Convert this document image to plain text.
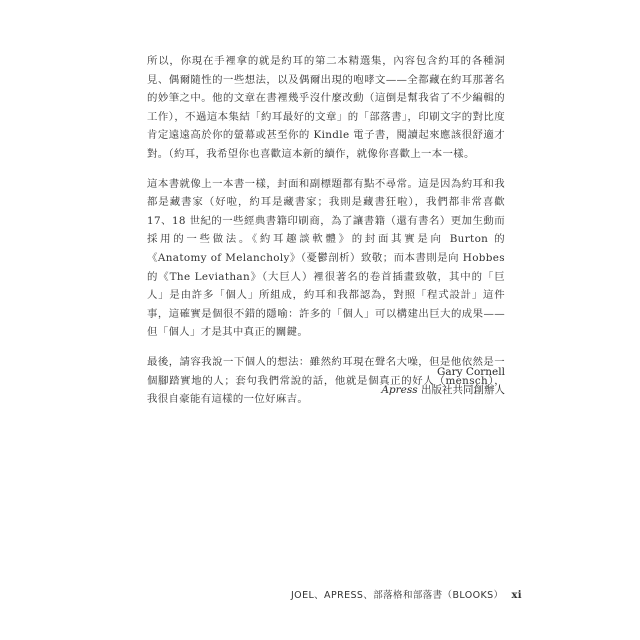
所以，你現在手裡拿的就是約耳的第二本精選集，內容包含約耳的各種洞見、偶爾隨性的一些想法，以及偶爾出現的咆哮文——全都藏在約耳那著名的妙筆之中。他的文章在書裡幾乎沒什麼改動（這倒是幫我省了不少編輯的工作），不過這本集結「約耳最好的文章」的「部落書」，印刷文字的對比度肯定遠遠高於你的螢幕或甚至你的 Kindle 電子書，閱讀起來應該很舒適才對。（約耳，我希望你也喜歡這本新的續作，就像你喜歡上一本一樣。

這本書就像上一本書一樣，封面和副標題都有點不尋常。這是因為約耳和我都是藏書家（好啦，約耳是藏書家；我則是藏書狂啦），我們都非常喜歡 17、18 世紀的一些經典書籍印刷商，為了讓書籍（還有書名）更加生動而採用的一些做法。《約耳趣談軟體》的封面其實是向 Burton 的《Anatomy of Melancholy》（憂鬱剖析）致敬；而本書則是向 Hobbes 的《The Leviathan》（大巨人）裡很著名的卷首插畫致敬，其中的「巨人」是由許多「個人」所組成，約耳和我都認為，對照「程式設計」這件事，這確實是個很不錯的隱喻：許多的「個人」可以構建出巨大的成果——但「個人」才是其中真正的關鍵。

最後，請容我說一下個人的想法：雖然約耳現在聲名大噪，但是他依然是一個腳踏實地的人；套句我們常說的話，他就是個真正的好人（mensch），我很自豪能有這樣的一位好麻吉。

Gary Cornell
Apress 出版社共同創辦人
JOEL、APRESS、部落格和部落書（BLOOKS） xi
